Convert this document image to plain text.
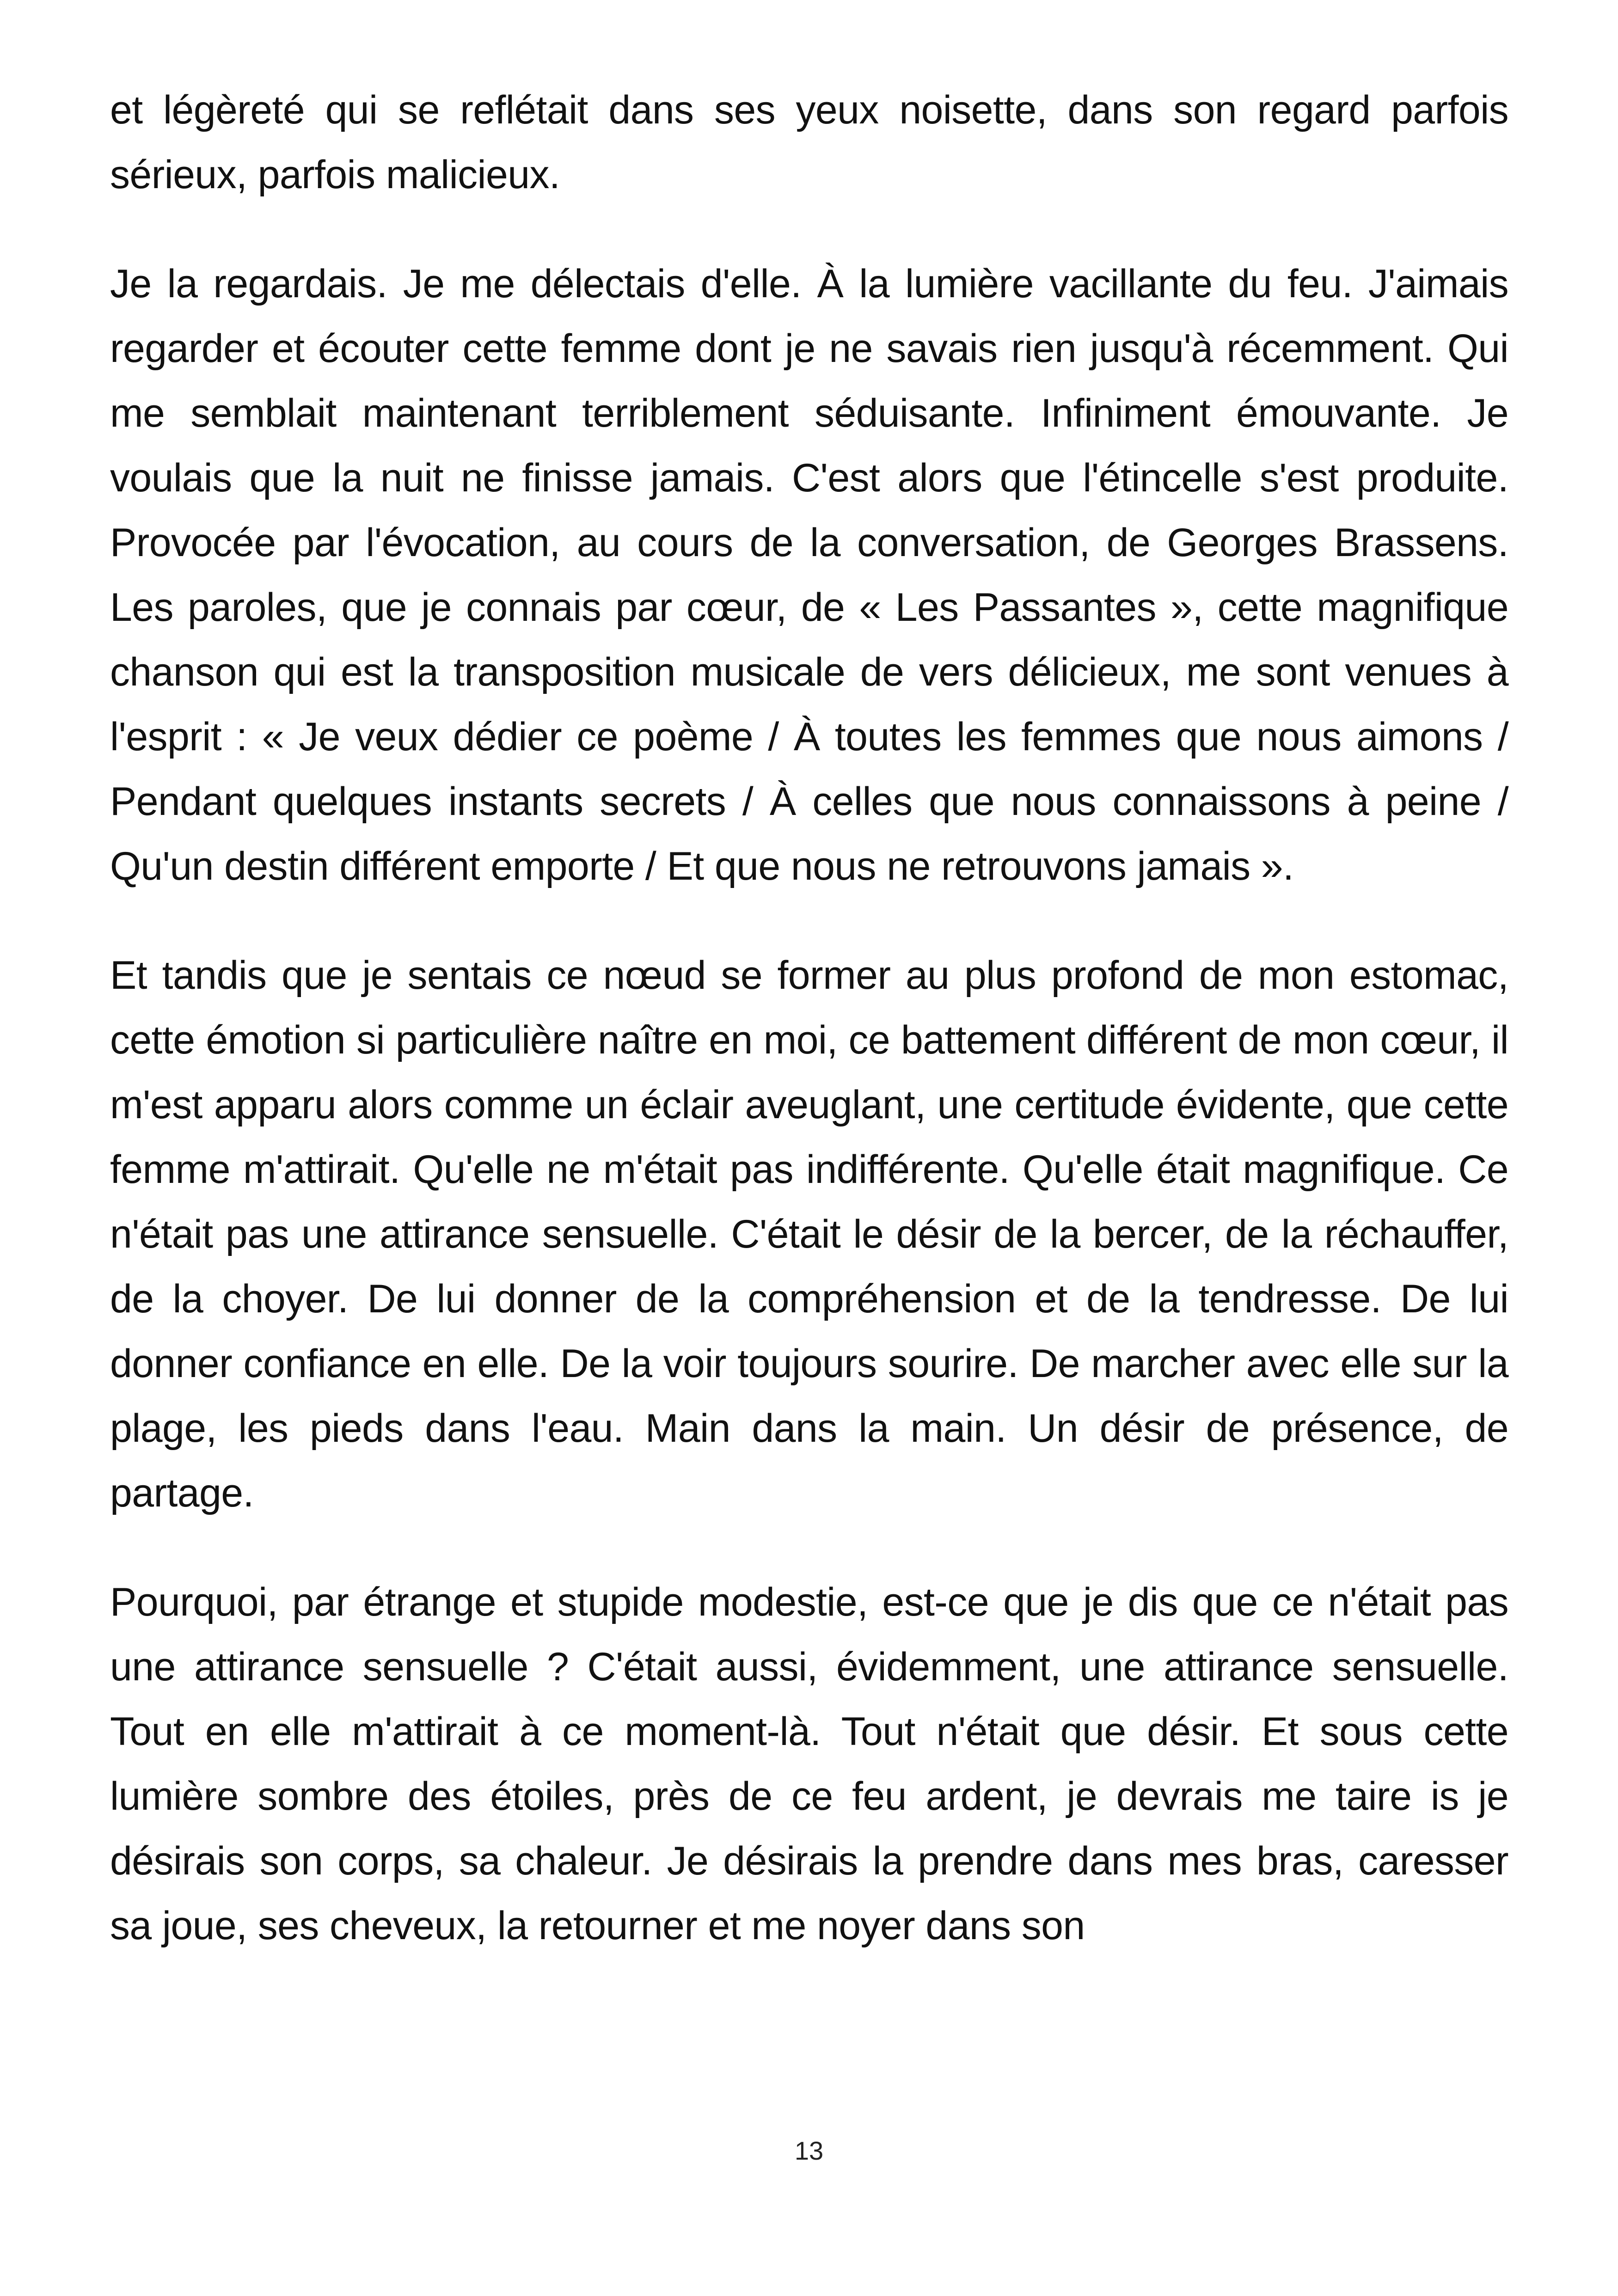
et légèreté qui se reflétait dans ses yeux noisette, dans son regard parfois sérieux, parfois malicieux.

Je la regardais. Je me délectais d'elle. À la lumière vacillante du feu. J'aimais regarder et écouter cette femme dont je ne savais rien jusqu'à récemment. Qui me semblait maintenant terriblement séduisante. Infiniment émouvante. Je voulais que la nuit ne finisse jamais. C'est alors que l'étincelle s'est produite. Provocée par l'évocation, au cours de la conversation, de Georges Brassens. Les paroles, que je connais par cœur, de « Les Passantes », cette magnifique chanson qui est la transposition musicale de vers délicieux, me sont venues à l'esprit : « Je veux dédier ce poème / À toutes les femmes que nous aimons / Pendant quelques instants secrets / À celles que nous connaissons à peine / Qu'un destin différent emporte / Et que nous ne retrouvons jamais ».

Et tandis que je sentais ce nœud se former au plus profond de mon estomac, cette émotion si particulière naître en moi, ce battement différent de mon cœur, il m'est apparu alors comme un éclair aveuglant, une certitude évidente, que cette femme m'attirait. Qu'elle ne m'était pas indifférente. Qu'elle était magnifique. Ce n'était pas une attirance sensuelle. C'était le désir de la bercer, de la réchauffer, de la choyer. De lui donner de la compréhension et de la tendresse. De lui donner confiance en elle. De la voir toujours sourire. De marcher avec elle sur la plage, les pieds dans l'eau. Main dans la main. Un désir de présence, de partage.

Pourquoi, par étrange et stupide modestie, est-ce que je dis que ce n'était pas une attirance sensuelle ? C'était aussi, évidemment, une attirance sensuelle. Tout en elle m'attirait à ce moment-là. Tout n'était que désir. Et sous cette lumière sombre des étoiles, près de ce feu ardent, je devrais me taire is je désirais son corps, sa chaleur. Je désirais la prendre dans mes bras, caresser sa joue, ses cheveux, la retourner et me noyer dans son

13
